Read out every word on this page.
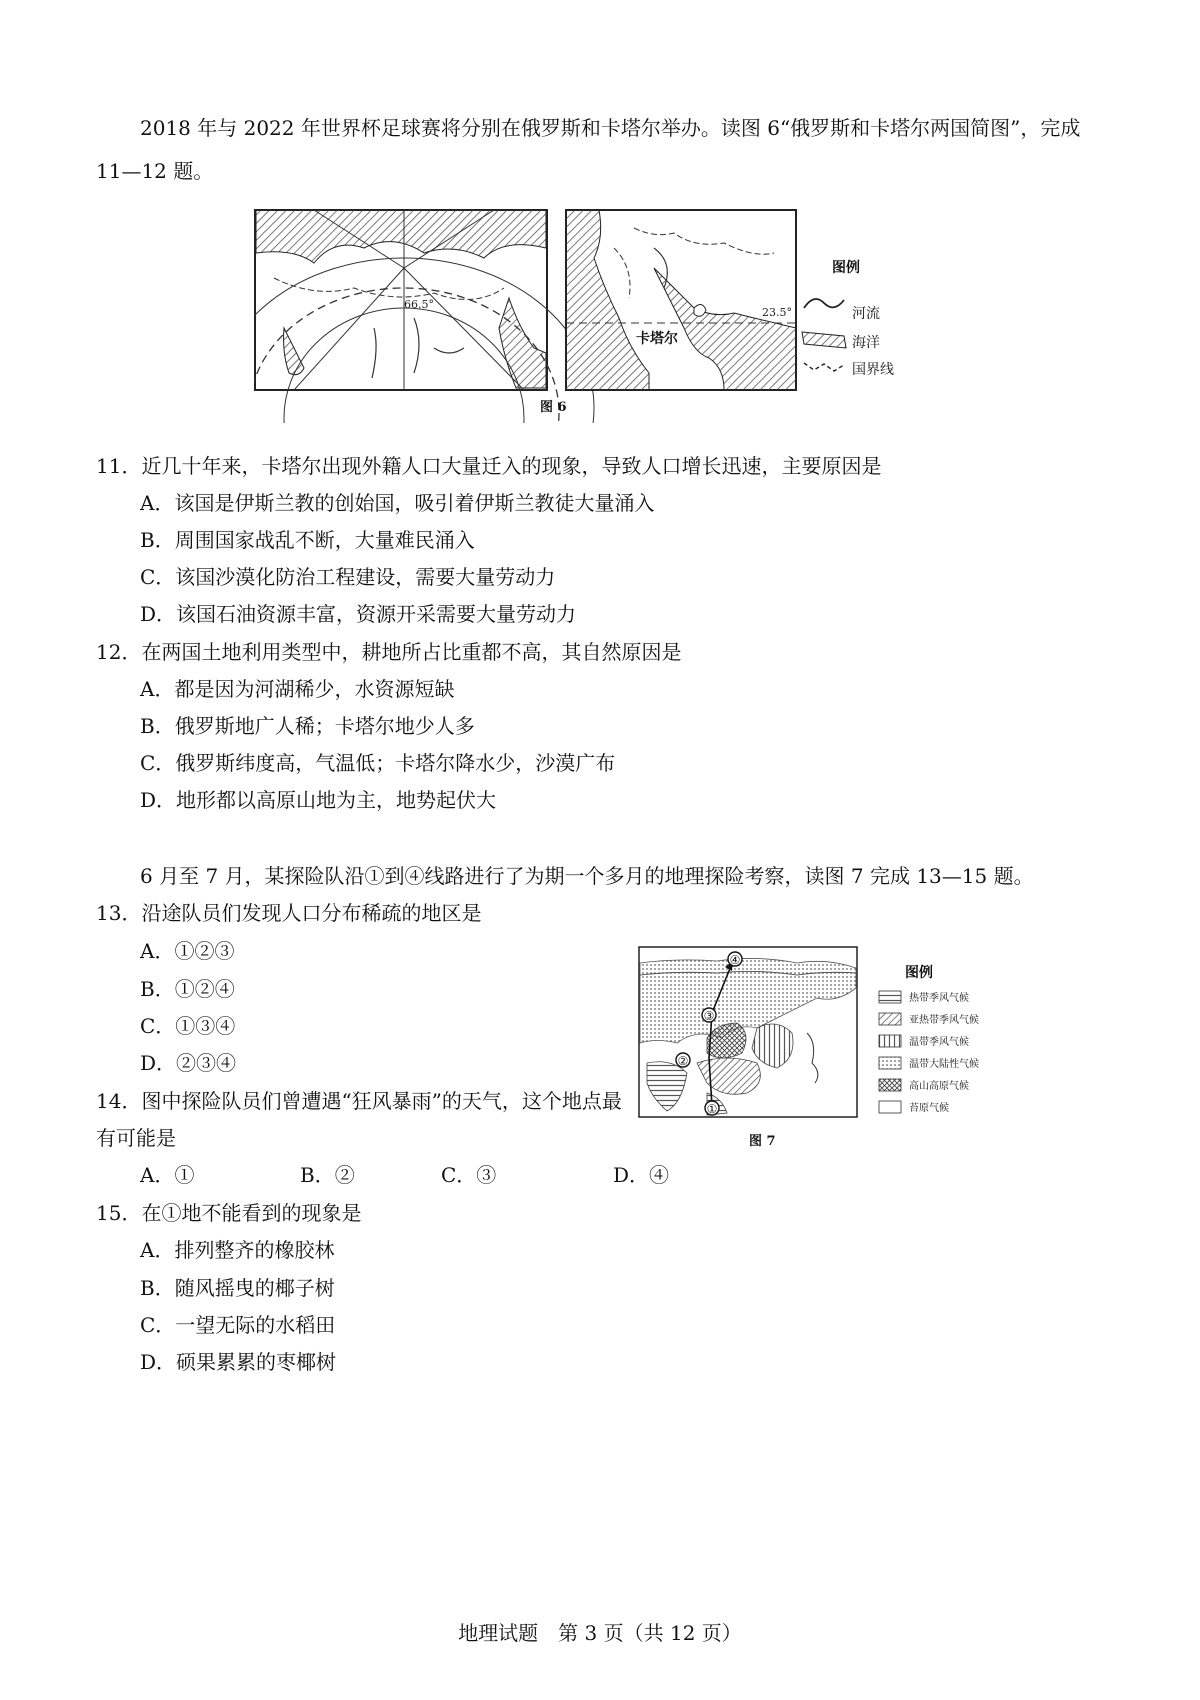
2018 年与 2022 年世界杯足球赛将分别在俄罗斯和卡塔尔举办。读图 6“俄罗斯和卡塔尔两国简图”，完成 11—12 题。
66.5°
卡塔尔
23.5°
图例
河流
海洋
国界线
图 6
11．近几十年来，卡塔尔出现外籍人口大量迁入的现象，导致人口增长迅速，主要原因是
A．该国是伊斯兰教的创始国，吸引着伊斯兰教徒大量涌入
B．周围国家战乱不断，大量难民涌入
C．该国沙漠化防治工程建设，需要大量劳动力
D．该国石油资源丰富，资源开采需要大量劳动力
12．在两国土地利用类型中，耕地所占比重都不高，其自然原因是
A．都是因为河湖稀少，水资源短缺
B．俄罗斯地广人稀；卡塔尔地少人多
C．俄罗斯纬度高，气温低；卡塔尔降水少，沙漠广布
D．地形都以高原山地为主，地势起伏大
6 月至 7 月，某探险队沿①到④线路进行了为期一个多月的地理探险考察，读图 7 完成 13—15 题。
13．沿途队员们发现人口分布稀疏的地区是
A．①②③
B．①②④
C．①③④
D．②③④
①
②
③
④
图例
热带季风气候
亚热带季风气候
温带季风气候
温带大陆性气候
高山高原气候
苔原气候
图 7
14．图中探险队员们曾遭遇“狂风暴雨”的天气，这个地点最
有可能是
A．①	B．②	C．③	D．④
15．在①地不能看到的现象是
A．排列整齐的橡胶林
B．随风摇曳的椰子树
C．一望无际的水稻田
D．硕果累累的枣椰树
地理试题　第 3 页（共 12 页）
